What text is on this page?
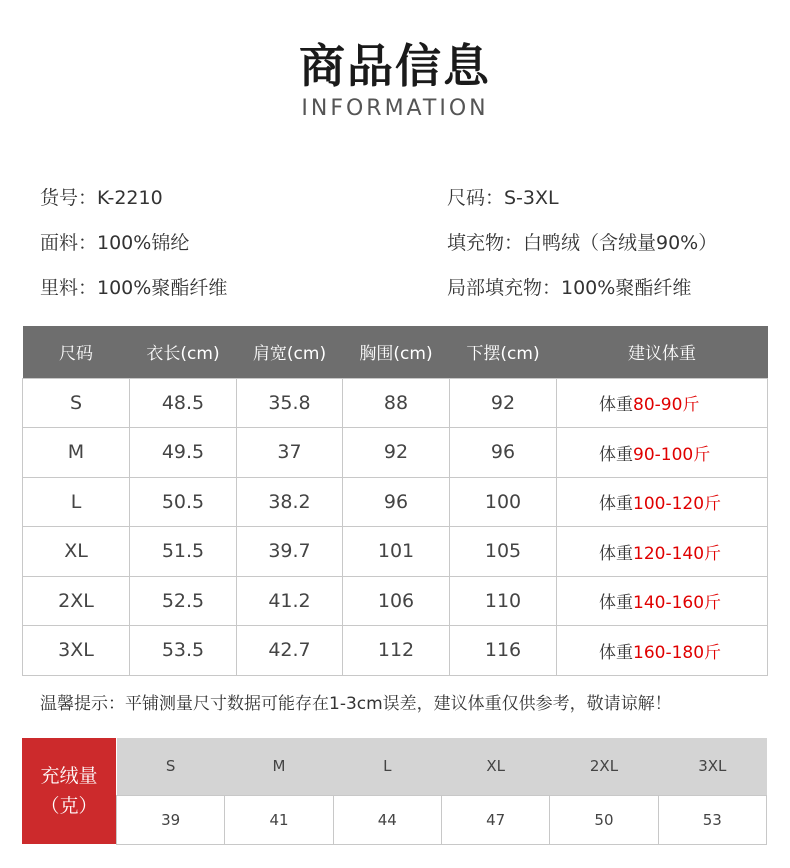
商品信息
INFORMATION
货号：K-2210	尺码：S-3XL
面料：100%锦纶	填充物：白鸭绒（含绒量90%）
里料：100%聚酯纤维	局部填充物：100%聚酯纤维
尺码	衣长(cm)	肩宽(cm)	胸围(cm)	下摆(cm)	建议体重
S	48.5	35.8	88	92	体重80-90斤
M	49.5	37	92	96	体重90-100斤
L	50.5	38.2	96	100	体重100-120斤
XL	51.5	39.7	101	105	体重120-140斤
2XL	52.5	41.2	106	110	体重140-160斤
3XL	53.5	42.7	112	116	体重160-180斤
温馨提示：平铺测量尺寸数据可能存在1-3cm误差，建议体重仅供参考，敬请谅解！
充绒量
（克）
S	M	L	XL	2XL	3XL
39	41	44	47	50	53
